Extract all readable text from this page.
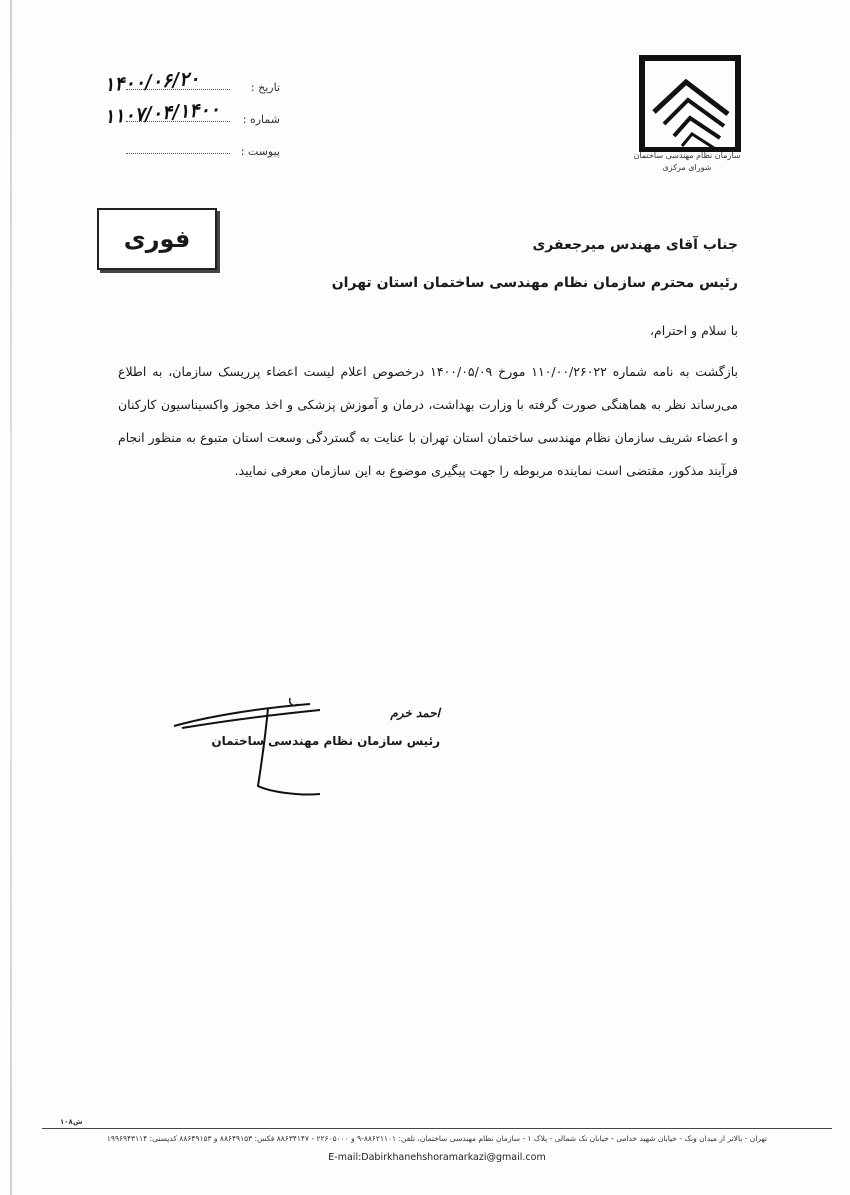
سازمان نظام مهندسی ساختمان
شورای مرکزی
تاریخ :
۱۴۰۰/۰۶/۲۰
شماره :
۱۱۰۷/۰۴/۱۴۰۰
پیوست :
فوری	جناب آقای مهندس میرجعفری
رئیس محترم سازمان نظام مهندسی ساختمان استان تهران
با سلام و احترام،
بازگشت به نامه شماره ۱۱۰/۰۰/۲۶۰۲۲ مورخ ۱۴۰۰/۰۵/۰۹ درخصوص اعلام لیست اعضاء پرریسک سازمان، به اطلاع می‌رساند نظر به هماهنگی صورت گرفته با وزارت بهداشت، درمان و آموزش پزشکی و اخذ مجوز واکسیناسیون کارکنان و اعضاء شریف سازمان نظام مهندسی ساختمان استان تهران با عنایت به گستردگی وسعت استان متبوع به منظور انجام فرآیند مذکور، مقتضی است نماینده مربوطه را جهت پیگیری موضوع به این سازمان معرفی نمایید.
احمد خرم
رئیس سازمان نظام مهندسی ساختمان
ش۱۰۸
تهران - بالاتر از میدان ونک - خیابان شهید خدامی - خیابان تک شمالی - پلاک ۱ - سازمان نظام مهندسی ساختمان، تلفن: ۸۸۶۲۱۱۰۱-۹ و ۲۲۶۰۵۰۰۰ - ۸۸۶۳۴۱۴۷ فکس: ۸۸۶۴۹۱۵۳ و ۸۸۶۴۹۱۵۳ کدپستی: ۱۹۹۶۹۴۳۱۱۴
E-mail:Dabirkhanehshoramarkazi@gmail.com
